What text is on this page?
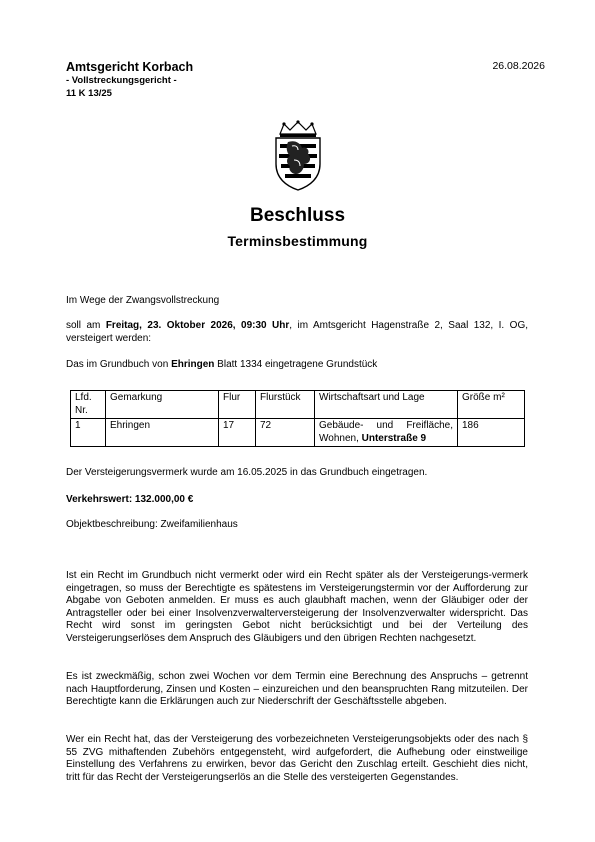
Amtsgericht Korbach
- Vollstreckungsgericht -
11 K 13/25
26.08.2026
Beschluss
Terminsbestimmung
Im Wege der Zwangsvollstreckung
soll am Freitag, 23. Oktober 2026, 09:30 Uhr, im Amtsgericht Hagenstraße 2, Saal 132, I. OG, versteigert werden:
Das im Grundbuch von Ehringen Blatt 1334 eingetragene Grundstück
Lfd. Nr.	Gemarkung	Flur	Flurstück	Wirtschaftsart und Lage	Größe m²
1	Ehringen	17	72	Gebäude- und Freifläche, Wohnen, Unterstraße 9	186
Der Versteigerungsvermerk wurde am 16.05.2025 in das Grundbuch eingetragen.
Verkehrswert: 132.000,00 €
Objektbeschreibung: Zweifamilienhaus
Ist ein Recht im Grundbuch nicht vermerkt oder wird ein Recht später als der Versteigerungs-vermerk eingetragen, so muss der Berechtigte es spätestens im Versteigerungstermin vor der Aufforderung zur Abgabe von Geboten anmelden. Er muss es auch glaubhaft machen, wenn der Gläubiger oder der Antragsteller oder bei einer Insolvenzverwalterversteigerung der Insolvenzverwalter widerspricht. Das Recht wird sonst im geringsten Gebot nicht berücksichtigt und bei der Verteilung des Versteigerungserlöses dem Anspruch des Gläubigers und den übrigen Rechten nachgesetzt.
Es ist zweckmäßig, schon zwei Wochen vor dem Termin eine Berechnung des Anspruchs – getrennt nach Hauptforderung, Zinsen und Kosten – einzureichen und den beanspruchten Rang mitzuteilen. Der Berechtigte kann die Erklärungen auch zur Niederschrift der Geschäftsstelle abgeben.
Wer ein Recht hat, das der Versteigerung des vorbezeichneten Versteigerungsobjekts oder des nach § 55 ZVG mithaftenden Zubehörs entgegensteht, wird aufgefordert, die Aufhebung oder einstweilige Einstellung des Verfahrens zu erwirken, bevor das Gericht den Zuschlag erteilt. Geschieht dies nicht, tritt für das Recht der Versteigerungserlös an die Stelle des versteigerten Gegenstandes.
